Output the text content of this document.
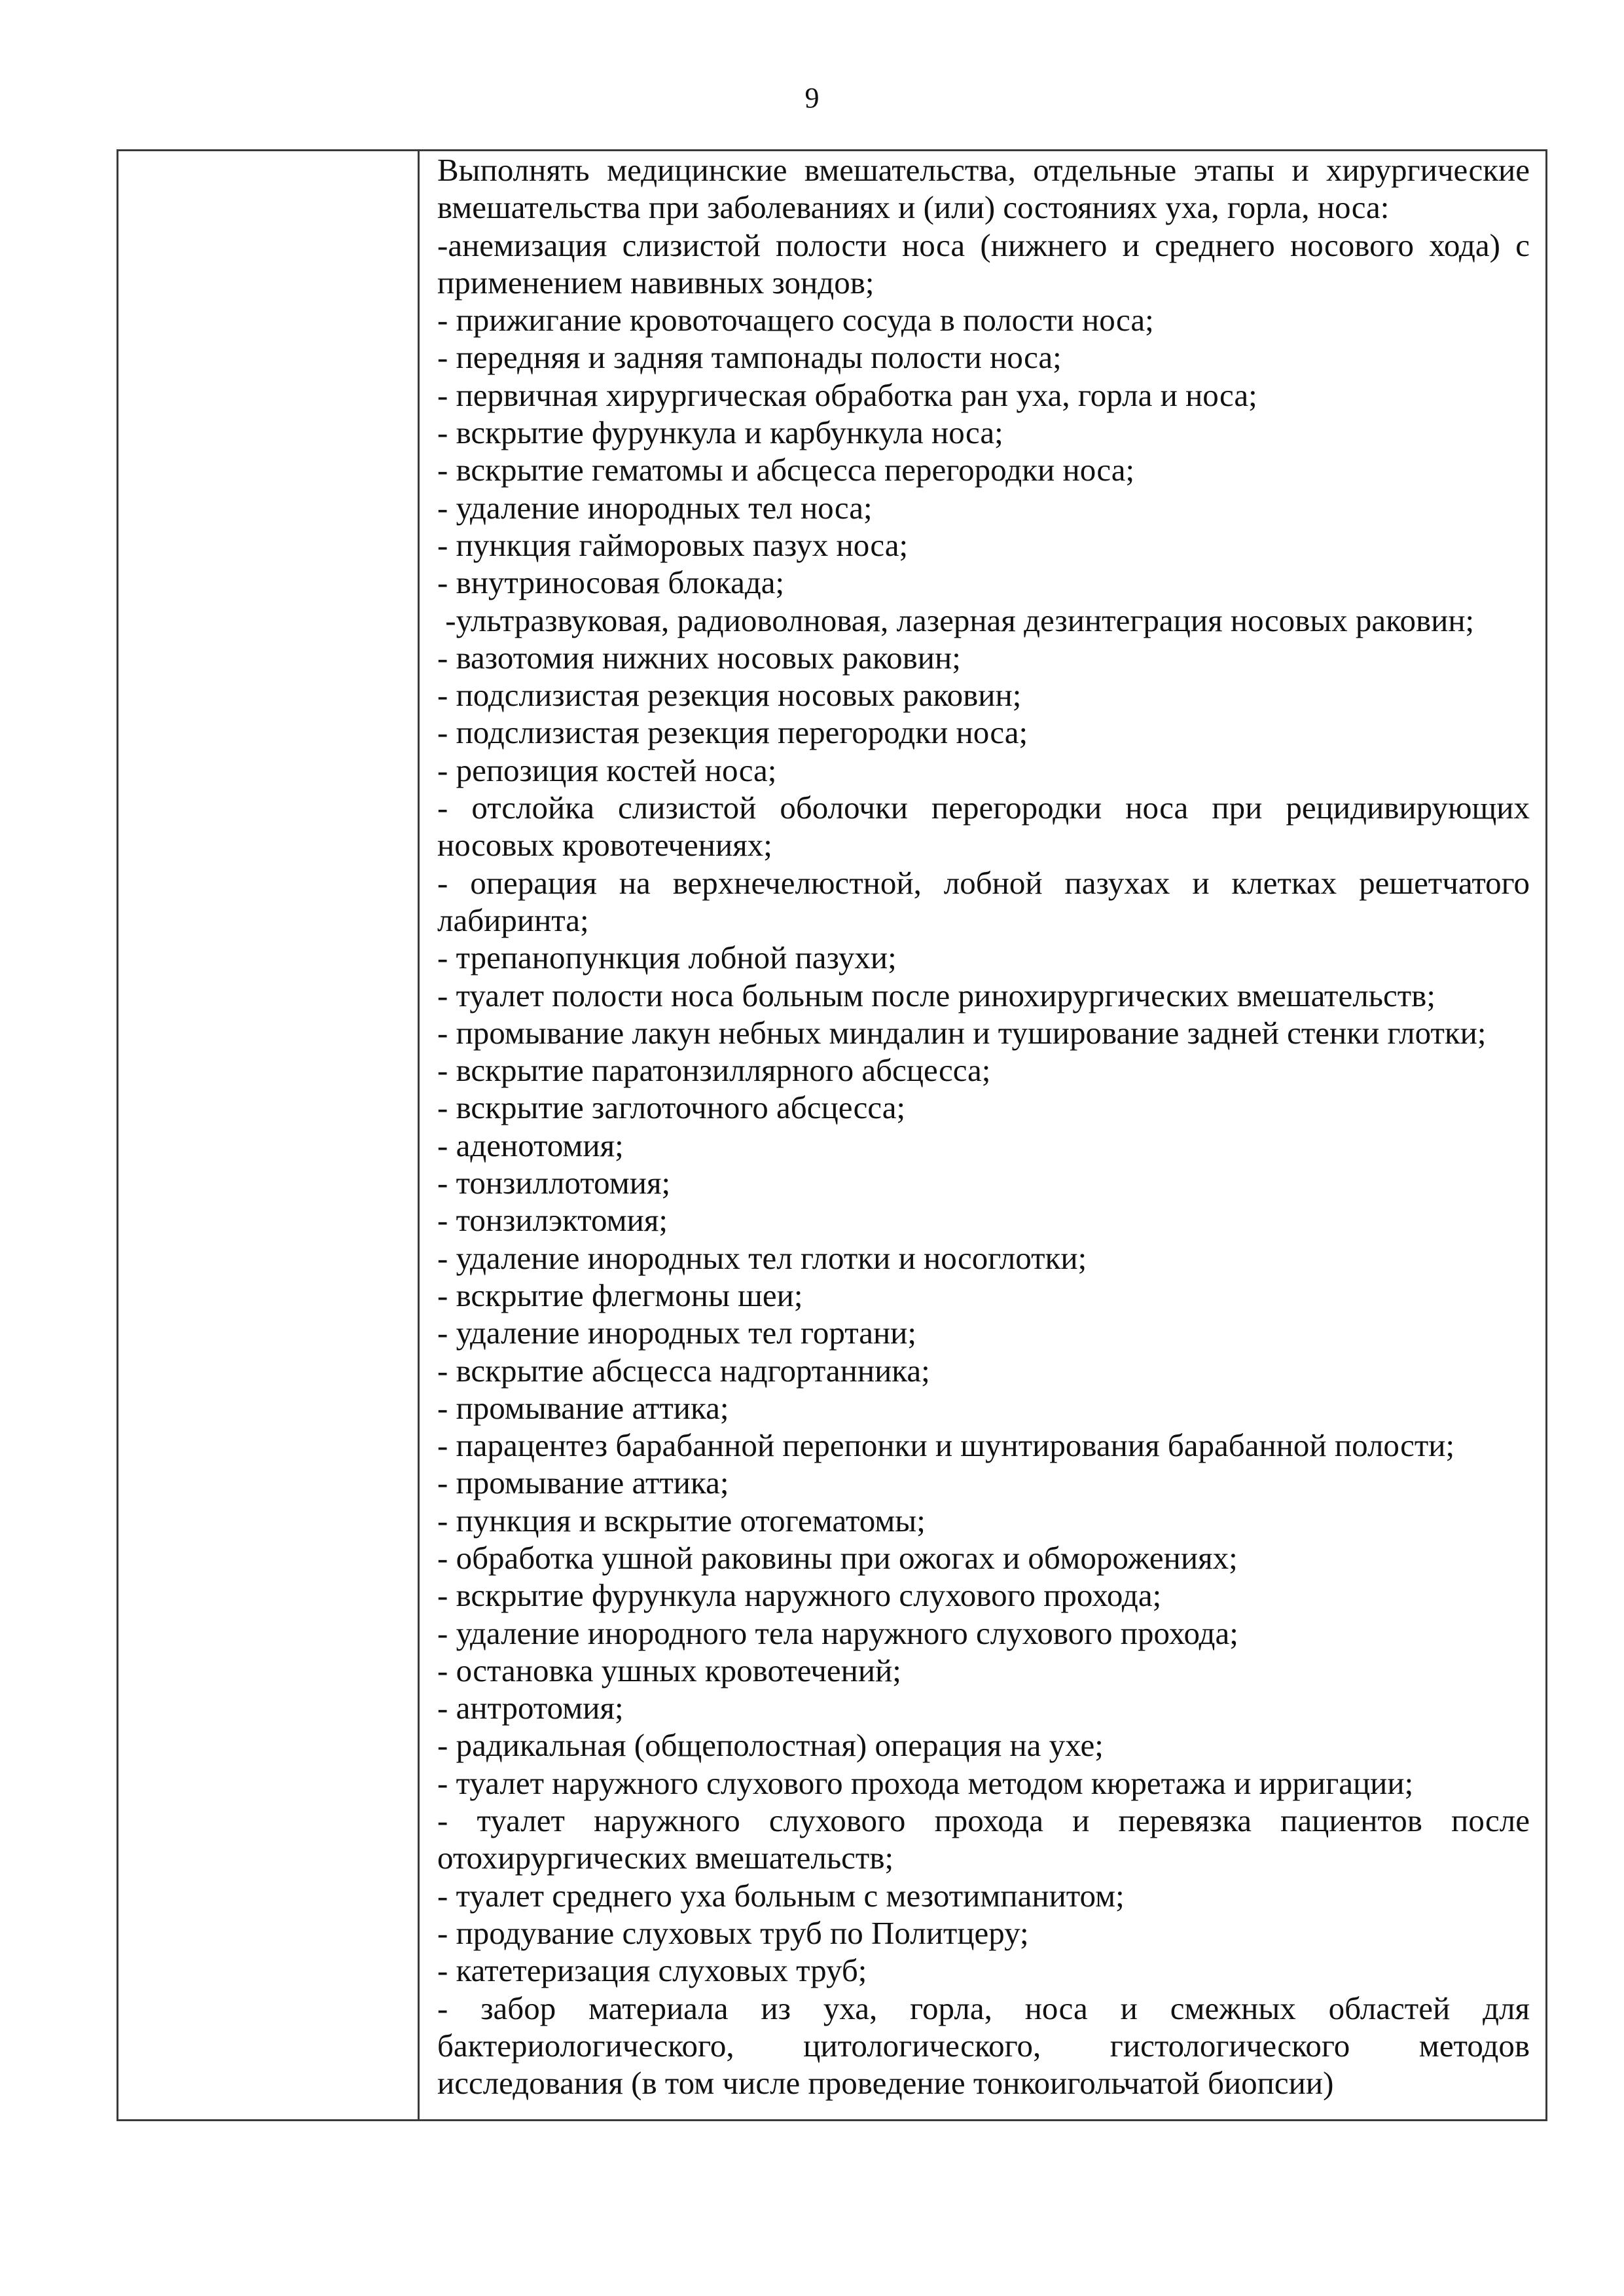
9
Выполнять медицинские вмешательства, отдельные этапы и хирургические
вмешательства при заболеваниях и (или) состояниях уха, горла, носа:
-анемизация слизистой полости носа (нижнего и среднего носового хода) с
применением навивных зондов;
- прижигание кровоточащего сосуда в полости носа;
- передняя и задняя тампонады полости носа;
- первичная хирургическая обработка ран уха, горла и носа;
- вскрытие фурункула и карбункула носа;
- вскрытие гематомы и абсцесса перегородки носа;
- удаление инородных тел носа;
- пункция гайморовых пазух носа;
- внутриносовая блокада;
-ультразвуковая, радиоволновая, лазерная дезинтеграция носовых раковин;
- вазотомия нижних носовых раковин;
- подслизистая резекция носовых раковин;
- подслизистая резекция перегородки носа;
- репозиция костей носа;
- отслойка слизистой оболочки перегородки носа при рецидивирующих
носовых кровотечениях;
- операция на верхнечелюстной, лобной пазухах и клетках решетчатого
лабиринта;
- трепанопункция лобной пазухи;
- туалет полости носа больным после ринохирургических вмешательств;
- промывание лакун небных миндалин и туширование задней стенки глотки;
- вскрытие паратонзиллярного абсцесса;
- вскрытие заглоточного абсцесса;
- аденотомия;
- тонзиллотомия;
- тонзилэктомия;
- удаление инородных тел глотки и носоглотки;
- вскрытие флегмоны шеи;
- удаление инородных тел гортани;
- вскрытие абсцесса надгортанника;
- промывание аттика;
- парацентез барабанной перепонки и шунтирования барабанной полости;
- промывание аттика;
- пункция и вскрытие отогематомы;
- обработка ушной раковины при ожогах и обморожениях;
- вскрытие фурункула наружного слухового прохода;
- удаление инородного тела наружного слухового прохода;
- остановка ушных кровотечений;
- антротомия;
- радикальная (общеполостная) операция на ухе;
- туалет наружного слухового прохода методом кюретажа и ирригации;
- туалет наружного слухового прохода и перевязка пациентов после
отохирургических вмешательств;
- туалет среднего уха больным с мезотимпанитом;
- продувание слуховых труб по Политцеру;
- катетеризация слуховых труб;
- забор материала из уха, горла, носа и смежных областей для
бактериологического, цитологического, гистологического методов
исследования (в том числе проведение тонкоигольчатой биопсии)
